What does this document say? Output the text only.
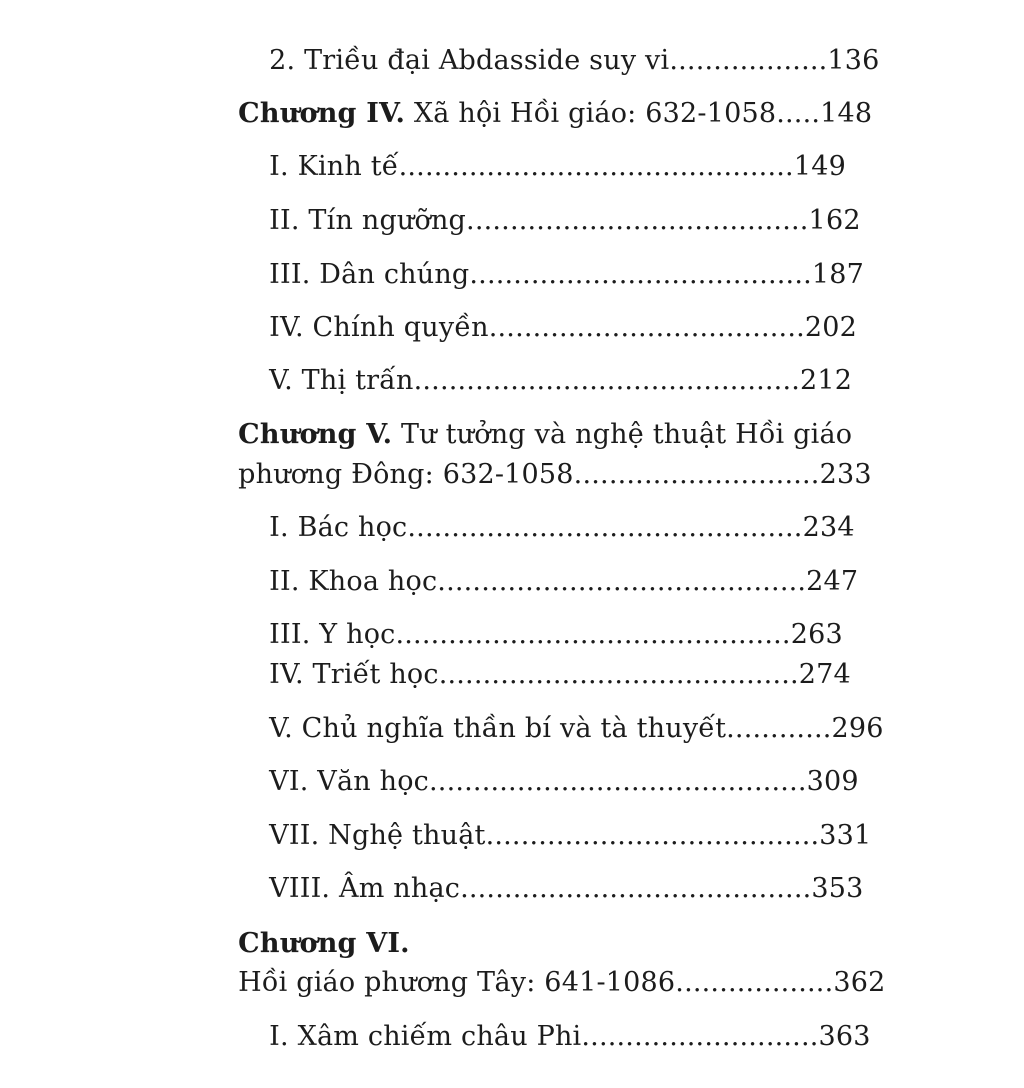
2. Triều đại Abdasside suy vi..................136

Chương IV. Xã hội Hồi giáo: 632-1058.....148

I. Kinh tế.............................................149

II. Tín ngưỡng.......................................162

III. Dân chúng.......................................187

IV. Chính quyền....................................202

V. Thị trấn............................................212

Chương V. Tư tưởng và nghệ thuật Hồi giáo

phương Đông: 632-1058............................233

I. Bác học.............................................234

II. Khoa học..........................................247

III. Y học.............................................263

IV. Triết học.........................................274

V. Chủ nghĩa thần bí và tà thuyết............296

VI. Văn học...........................................309

VII. Nghệ thuật......................................331

VIII. Âm nhạc........................................353

Chương VI.

Hồi giáo phương Tây: 641-1086..................362

I. Xâm chiếm châu Phi...........................363
